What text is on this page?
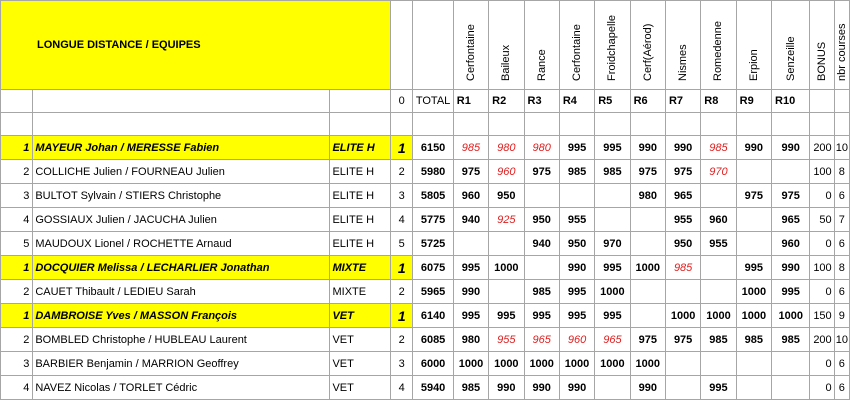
LONGUE DISTANCE / EQUIPES					Cerfontaine	Baileux	Rance	Cerfontaine	Froidchapelle	Cerf(Aérod)	Nismes	Romedenne	Erpion	Senzeille	BONUS	nbr courses

			0	TOTAL	R1	R2	R3	R4	R5	R6	R7	R8	R9	R10		

1	MAYEUR Johan / MERESSE Fabien	ELITE H	1	6150	985	980	980	995	995	990	990	985	990	990	200	10
2	COLLICHE Julien / FOURNEAU Julien	ELITE H	2	5980	975	960	975	985	985	975	975	970			100	8
3	BULTOT Sylvain / STIERS Christophe	ELITE H	3	5805	960	950				980	965		975	975	0	6
4	GOSSIAUX Julien / JACUCHA Julien	ELITE H	4	5775	940	925	950	955			955	960		965	50	7
5	MAUDOUX Lionel / ROCHETTE Arnaud	ELITE H	5	5725			940	950	970		950	955		960	0	6
1	DOCQUIER Melissa / LECHARLIER Jonathan	MIXTE	1	6075	995	1000		990	995	1000	985		995	990	100	8
2	CAUET Thibault / LEDIEU Sarah	MIXTE	2	5965	990		985	995	1000				1000	995	0	6
1	DAMBROISE Yves / MASSON François	VET	1	6140	995	995	995	995	995		1000	1000	1000	1000	150	9
2	BOMBLED Christophe / HUBLEAU Laurent	VET	2	6085	980	955	965	960	965	975	975	985	985	985	200	10
3	BARBIER Benjamin / MARRION Geoffrey	VET	3	6000	1000	1000	1000	1000	1000	1000					0	6
4	NAVEZ Nicolas / TORLET Cédric	VET	4	5940	985	990	990	990		990		995			0	6
